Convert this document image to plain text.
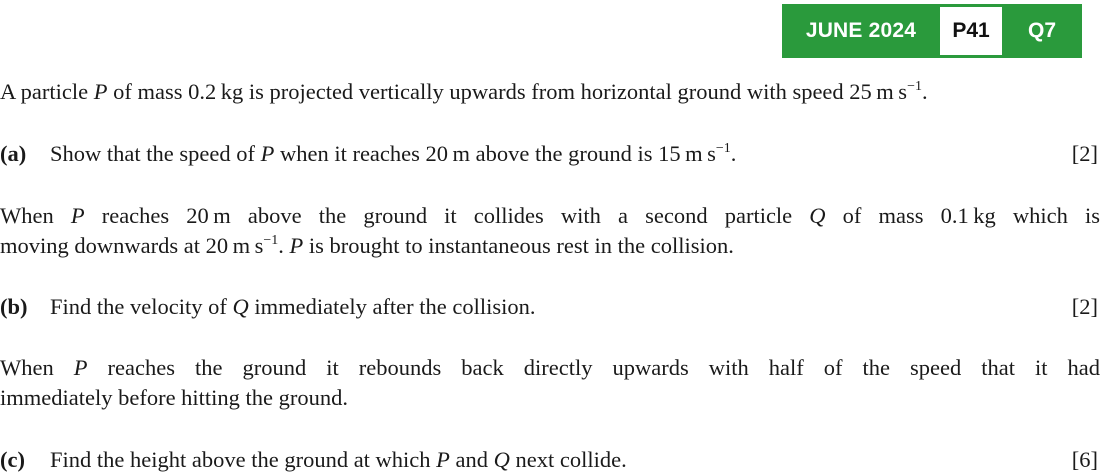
JUNE 2024	P41	Q7
A particle P of mass 0.2 kg is projected vertically upwards from horizontal ground with speed 25 m $s^{-1}$.
(a) Show that the speed of P when it reaches 20 m above the ground is 15 m $s^{-1}$.	[2]
When P reaches 20 m above the ground it collides with a second particle Q of mass 0.1 kg which is
moving downwards at 20 m $s^{-1}$. P is brought to instantaneous rest in the collision.
(b) Find the velocity of Q immediately after the collision.	[2]
When P reaches the ground it rebounds back directly upwards with half of the speed that it had
immediately before hitting the ground.
(c) Find the height above the ground at which P and Q next collide.	[6]
